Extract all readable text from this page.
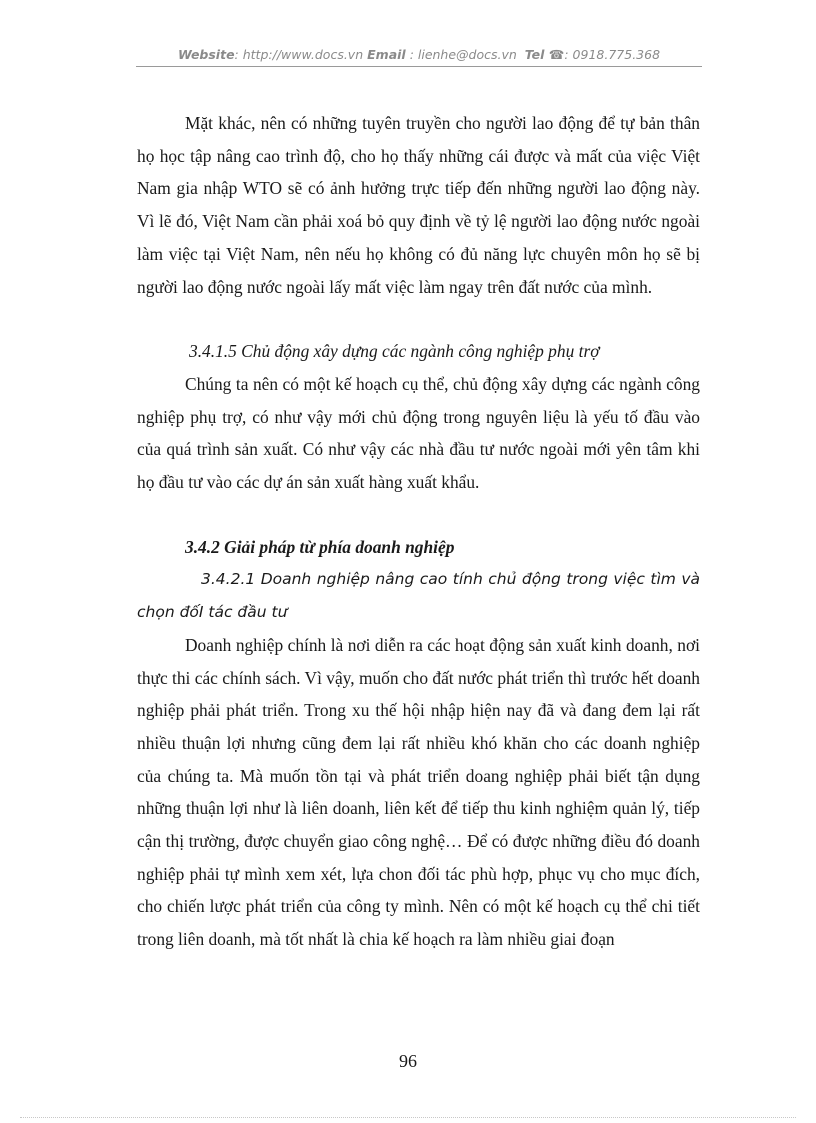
Website: http://www.docs.vn Email : lienhe@docs.vn Tel ☎: 0918.775.368

Mặt khác, nên có những tuyên truyền cho người lao động để tự bản thân họ học tập nâng cao trình độ, cho họ thấy những cái được và mất của việc Việt Nam gia nhập WTO sẽ có ảnh hưởng trực tiếp đến những người lao động này. Vì lẽ đó, Việt Nam cần phải xoá bỏ quy định về tỷ lệ người lao động nước ngoài làm việc tại Việt Nam, nên nếu họ không có đủ năng lực chuyên môn họ sẽ bị người lao động nước ngoài lấy mất việc làm ngay trên đất nước của mình.

3.4.1.5 Chủ động xây dựng các ngành công nghiệp phụ trợ

Chúng ta nên có một kế hoạch cụ thể, chủ động xây dựng các ngành công nghiệp phụ trợ, có như vậy mới chủ động trong nguyên liệu là yếu tố đầu vào của quá trình sản xuất. Có như vậy các nhà đầu tư nước ngoài mới yên tâm khi họ đầu tư vào các dự án sản xuất hàng xuất khẩu.

3.4.2 Giải pháp từ phía doanh nghiệp

3.4.2.1 Doanh nghiệp nâng cao tính chủ động trong việc tìm và chọn đốI tác đầu tư

Doanh nghiệp chính là nơi diễn ra các hoạt động sản xuất kinh doanh, nơi thực thi các chính sách. Vì vậy, muốn cho đất nước phát triển thì trước hết doanh nghiệp phải phát triển. Trong xu thế hội nhập hiện nay đã và đang đem lại rất nhiều thuận lợi nhưng cũng đem lại rất nhiều khó khăn cho các doanh nghiệp của chúng ta. Mà muốn tồn tại và phát triển doang nghiệp phải biết tận dụng những thuận lợi như là liên doanh, liên kết để tiếp thu kinh nghiệm quản lý, tiếp cận thị trường, được chuyển giao công nghệ… Để có được những điều đó doanh nghiệp phải tự mình xem xét, lựa chon đối tác phù hợp, phục vụ cho mục đích, cho chiến lược phát triển của công ty mình. Nên có một kế hoạch cụ thể chi tiết trong liên doanh, mà tốt nhất là chia kế hoạch ra làm nhiều giai đoạn

96
